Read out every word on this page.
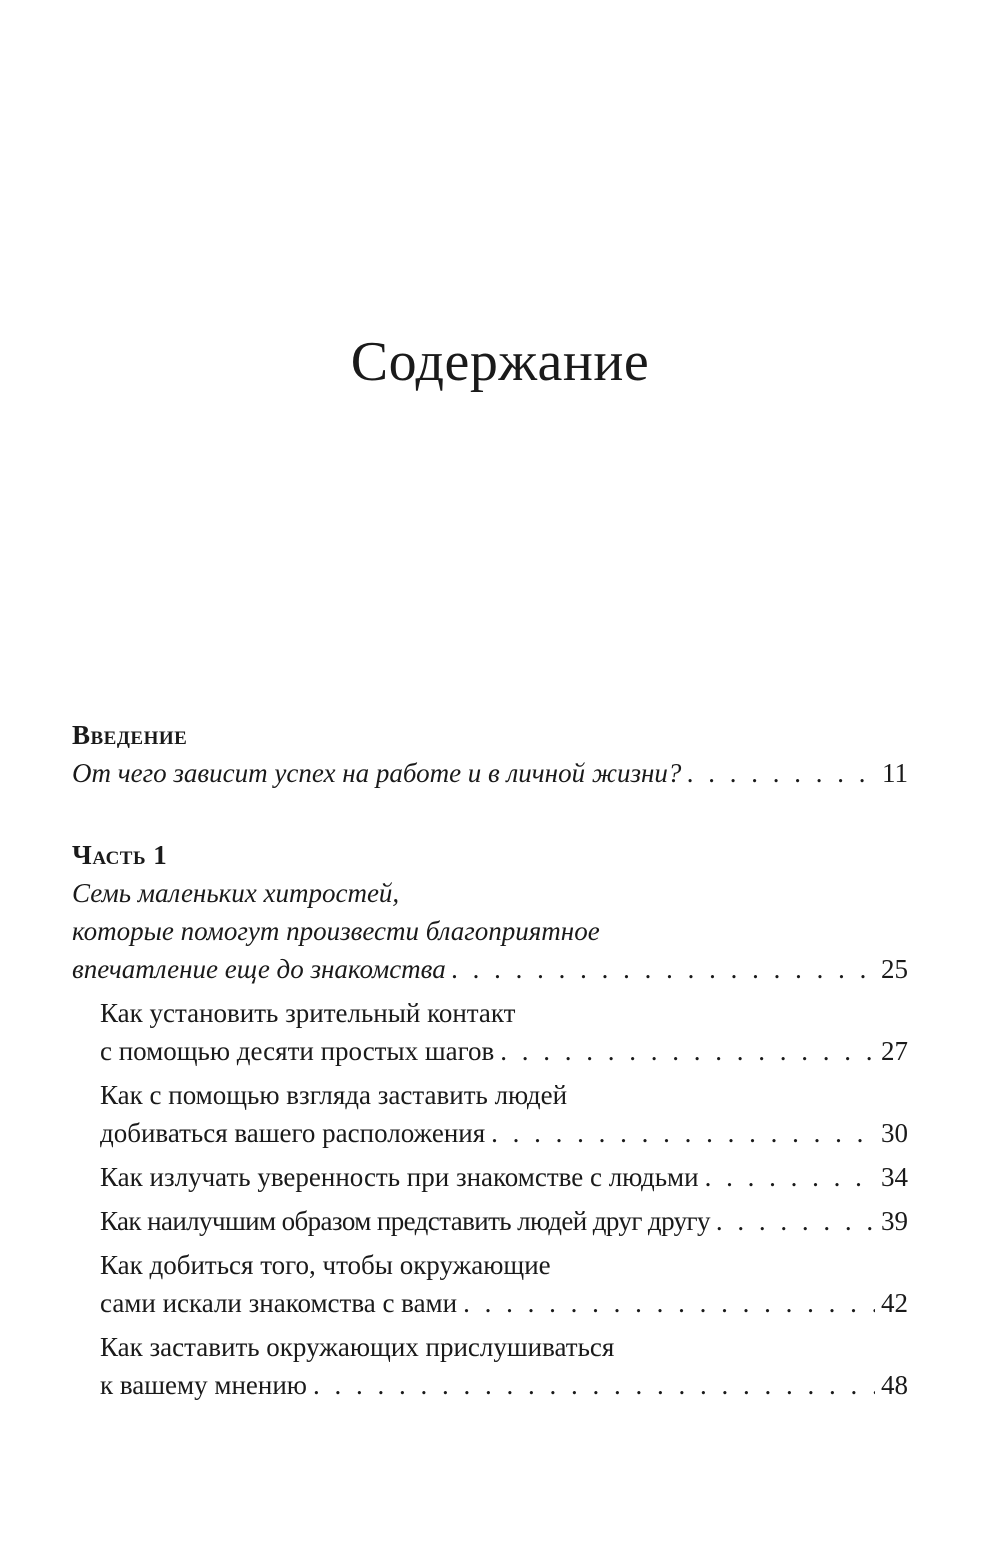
Содержание
Введение
От чего зависит успех на работе и в личной жизни? . . .	11
Часть 1
Семь маленьких хитростей,
которые помогут произвести благоприятное
впечатление еще до знакомства . . .	25
Как установить зрительный контакт
с помощью десяти простых шагов . . .	27
Как с помощью взгляда заставить людей
добиваться вашего расположения . . .	30
Как излучать уверенность при знакомстве с людьми . . .	34
Как наилучшим образом представить людей друг другу . . .	39
Как добиться того, чтобы окружающие
сами искали знакомства с вами . . .	42
Как заставить окружающих прислушиваться
к вашему мнению . . .	48
